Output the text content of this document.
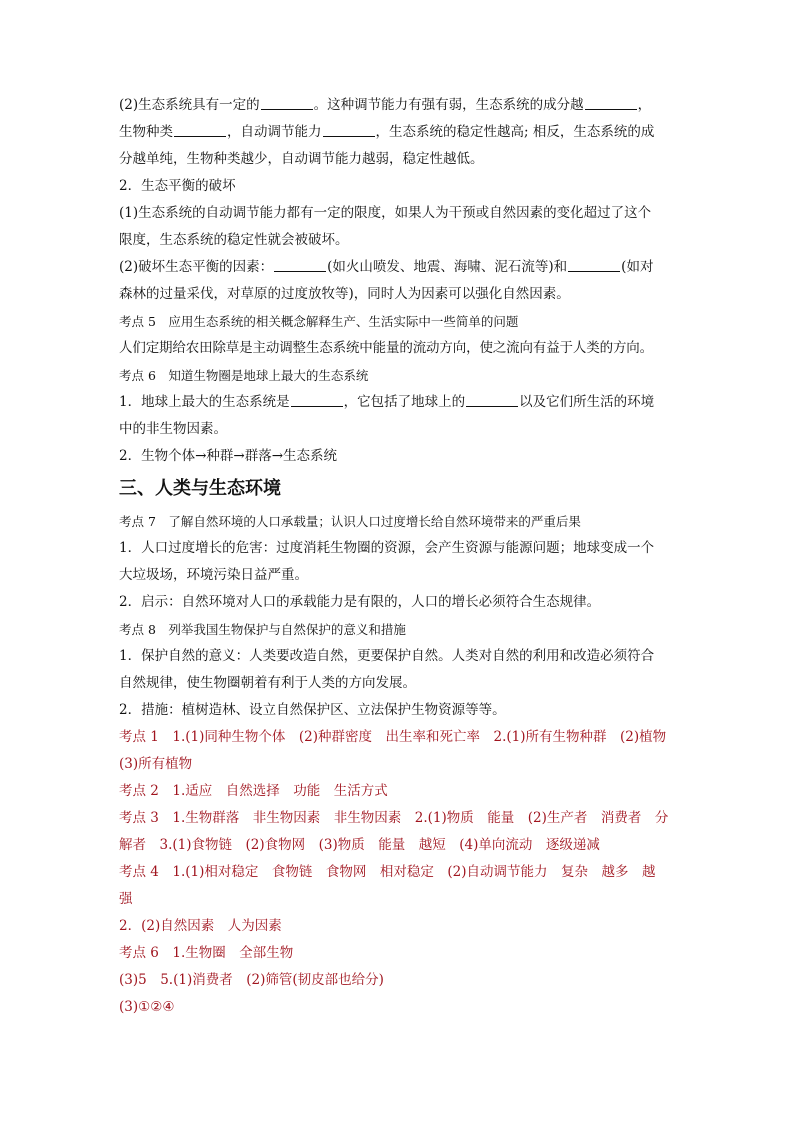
(2)生态系统具有一定的	。这种调节能力有强有弱，生态系统的成分越	，

生物种类	，自动调节能力	，生态系统的稳定性越高; 相反，生态系统的成

分越单纯，生物种类越少，自动调节能力越弱，稳定性越低。

2．生态平衡的破坏

(1)生态系统的自动调节能力都有一定的限度，如果人为干预或自然因素的变化超过了这个

限度，生态系统的稳定性就会被破坏。

(2)破坏生态平衡的因素：	(如火山喷发、地震、海啸、泥石流等)和	(如对

森林的过量采伐，对草原的过度放牧等)，同时人为因素可以强化自然因素。

考点 5　应用生态系统的相关概念解释生产、生活实际中一些简单的问题

人们定期给农田除草是主动调整生态系统中能量的流动方向，使之流向有益于人类的方向。

考点 6　知道生物圈是地球上最大的生态系统

1．地球上最大的生态系统是	，它包括了地球上的	以及它们所生活的环境

中的非生物因素。

2．生物个体→种群→群落→生态系统

三、人类与生态环境

考点 7　了解自然环境的人口承载量；认识人口过度增长给自然环境带来的严重后果

1．人口过度增长的危害：过度消耗生物圈的资源，会产生资源与能源问题；地球变成一个

大垃圾场，环境污染日益严重。

2．启示：自然环境对人口的承载能力是有限的，人口的增长必须符合生态规律。

考点 8　列举我国生物保护与自然保护的意义和措施

1．保护自然的意义：人类要改造自然，更要保护自然。人类对自然的利用和改造必须符合

自然规律，使生物圈朝着有利于人类的方向发展。

2．措施：植树造林、设立自然保护区、立法保护生物资源等等。

考点 1　1.(1)同种生物个体　(2)种群密度　出生率和死亡率　2.(1)所有生物种群　(2)植物

(3)所有植物

考点 2　1.适应　自然选择　功能　生活方式

考点 3　1.生物群落　非生物因素　非生物因素　2.(1)物质　能量　(2)生产者　消费者　分

解者　3.(1)食物链　(2)食物网　(3)物质　能量　越短　(4)单向流动　逐级递减

考点 4　1.(1)相对稳定　食物链　食物网　相对稳定　(2)自动调节能力　复杂　越多　越

强

2．(2)自然因素　人为因素

考点 6　1.生物圈　全部生物

(3)5　5.(1)消费者　(2)筛管(韧皮部也给分)

(3)①②④
